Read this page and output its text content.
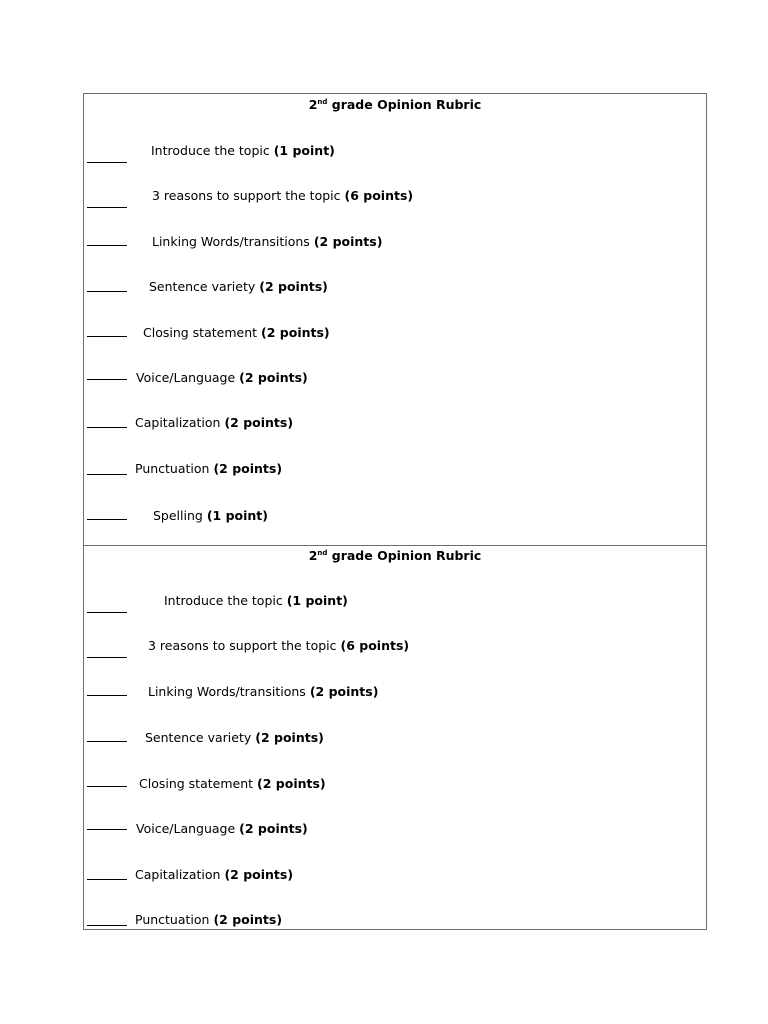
2nd grade Opinion Rubric
Introduce the topic (1 point)
3 reasons to support the topic (6 points)
Linking Words/transitions (2 points)
Sentence variety (2 points)
Closing statement (2 points)
Voice/Language (2 points)
Capitalization (2 points)
Punctuation (2 points)
Spelling (1 point)
2nd grade Opinion Rubric
Introduce the topic (1 point)
3 reasons to support the topic (6 points)
Linking Words/transitions (2 points)
Sentence variety (2 points)
Closing statement (2 points)
Voice/Language (2 points)
Capitalization (2 points)
Punctuation (2 points)
